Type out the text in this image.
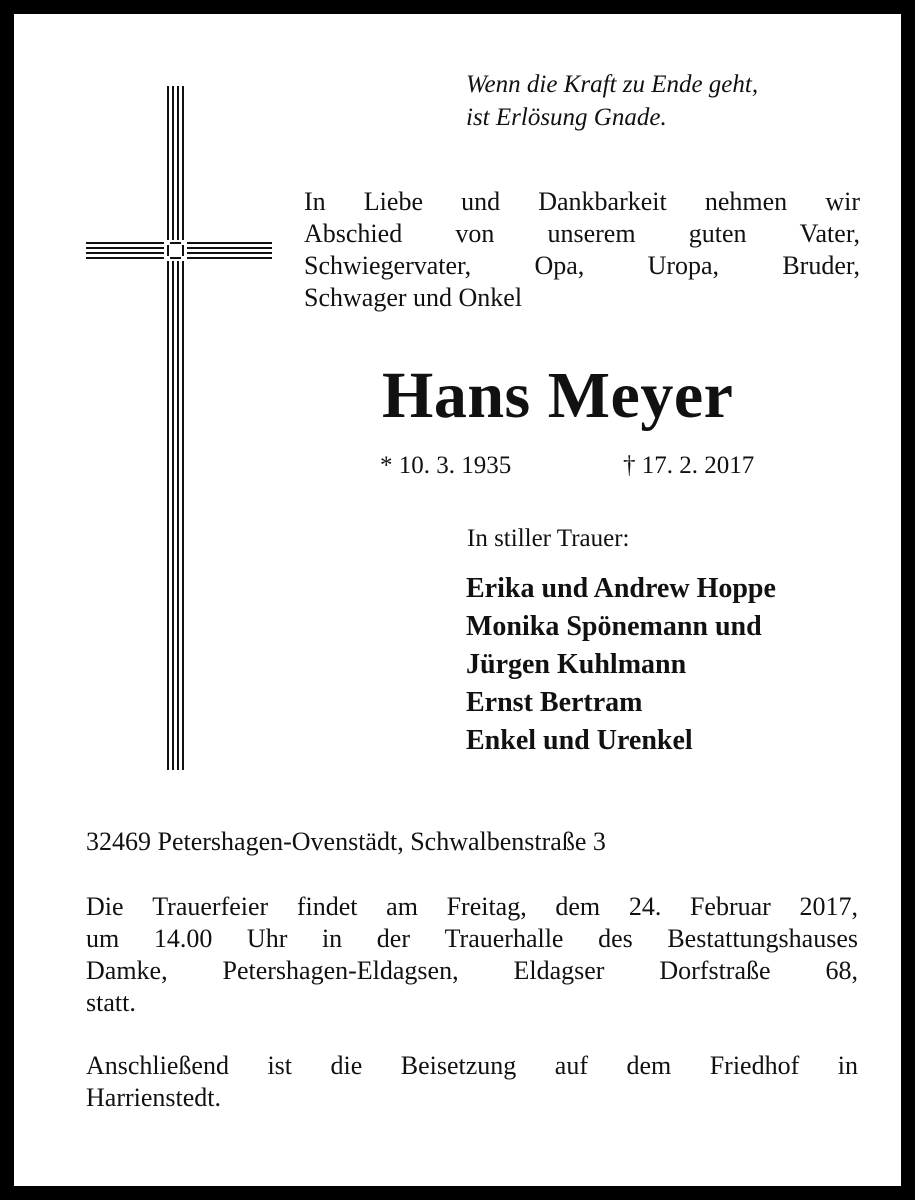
Wenn die Kraft zu Ende geht,
ist Erlösung Gnade.
In Liebe und Dankbarkeit nehmen wir
Abschied von unserem guten Vater,
Schwiegervater, Opa, Uropa, Bruder,
Schwager und Onkel
Hans Meyer
* 10. 3. 1935	† 17. 2. 2017
In stiller Trauer:
Erika und Andrew Hoppe
Monika Spönemann und
Jürgen Kuhlmann
Ernst Bertram
Enkel und Urenkel
32469 Petershagen-Ovenstädt, Schwalbenstraße 3
Die Trauerfeier findet am Freitag, dem 24. Februar 2017,
um 14.00 Uhr in der Trauerhalle des Bestattungshauses
Damke, Petershagen-Eldagsen, Eldagser Dorfstraße 68,
statt.
Anschließend ist die Beisetzung auf dem Friedhof in
Harrienstedt.
